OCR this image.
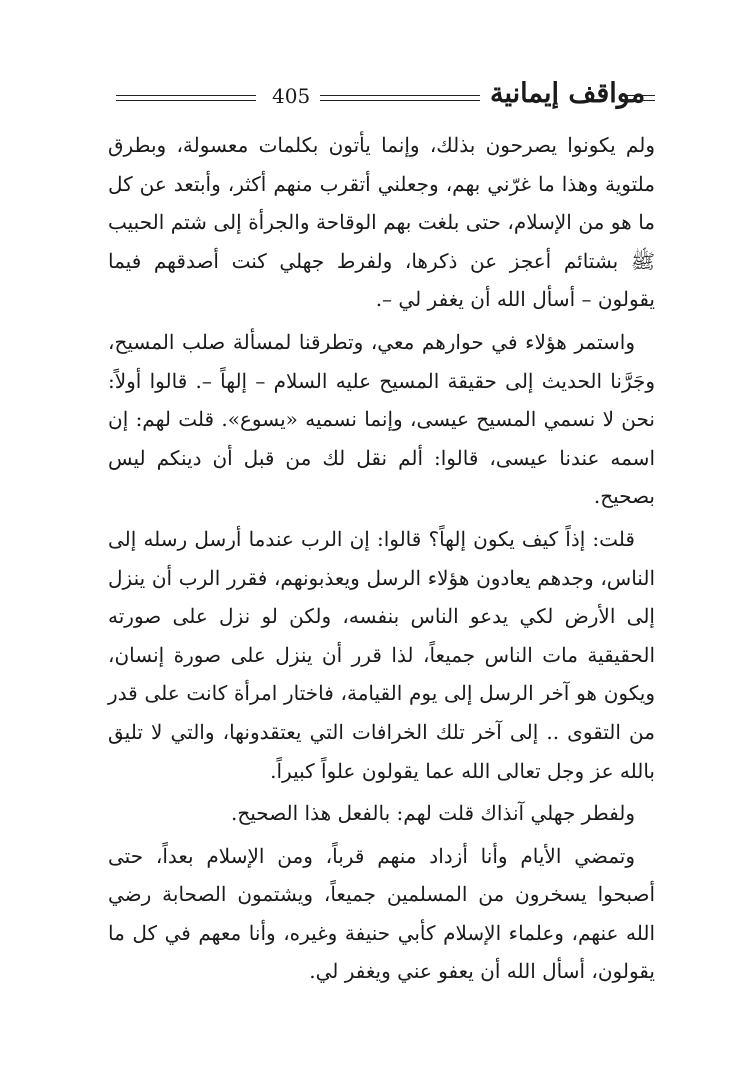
405	مواقف إيمانية

ولم يكونوا يصرحون بذلك، وإنما يأتون بكلمات معسولة، وبطرق ملتوية وهذا ما غرّني بهم، وجعلني أتقرب منهم أكثر، وأبتعد عن كل ما هو من الإسلام، حتى بلغت بهم الوقاحة والجرأة إلى شتم الحبيب ﷺ بشتائم أعجز عن ذكرها، ولفرط جهلي كنت أصدقهم فيما يقولون – أسأل الله أن يغفر لي –.

واستمر هؤلاء في حوارهم معي، وتطرقنا لمسألة صلب المسيح، وجَرَّنا الحديث إلى حقيقة المسيح عليه السلام – إلهاً –. قالوا أولاً: نحن لا نسمي المسيح عيسى، وإنما نسميه «يسوع». قلت لهم: إن اسمه عندنا عيسى، قالوا: ألم نقل لك من قبل أن دينكم ليس بصحيح.

قلت: إذاً كيف يكون إلهاً؟ قالوا: إن الرب عندما أرسل رسله إلى الناس، وجدهم يعادون هؤلاء الرسل ويعذبونهم، فقرر الرب أن ينزل إلى الأرض لكي يدعو الناس بنفسه، ولكن لو نزل على صورته الحقيقية مات الناس جميعاً، لذا قرر أن ينزل على صورة إنسان، ويكون هو آخر الرسل إلى يوم القيامة، فاختار امرأة كانت على قدر من التقوى .. إلى آخر تلك الخرافات التي يعتقدونها، والتي لا تليق بالله عز وجل تعالى الله عما يقولون علواً كبيراً.

ولفطر جهلي آنذاك قلت لهم: بالفعل هذا الصحيح.

وتمضي الأيام وأنا أزداد منهم قرباً، ومن الإسلام بعداً، حتى أصبحوا يسخرون من المسلمين جميعاً، ويشتمون الصحابة رضي الله عنهم، وعلماء الإسلام كأبي حنيفة وغيره، وأنا معهم في كل ما يقولون، أسأل الله أن يعفو عني ويغفر لي.
